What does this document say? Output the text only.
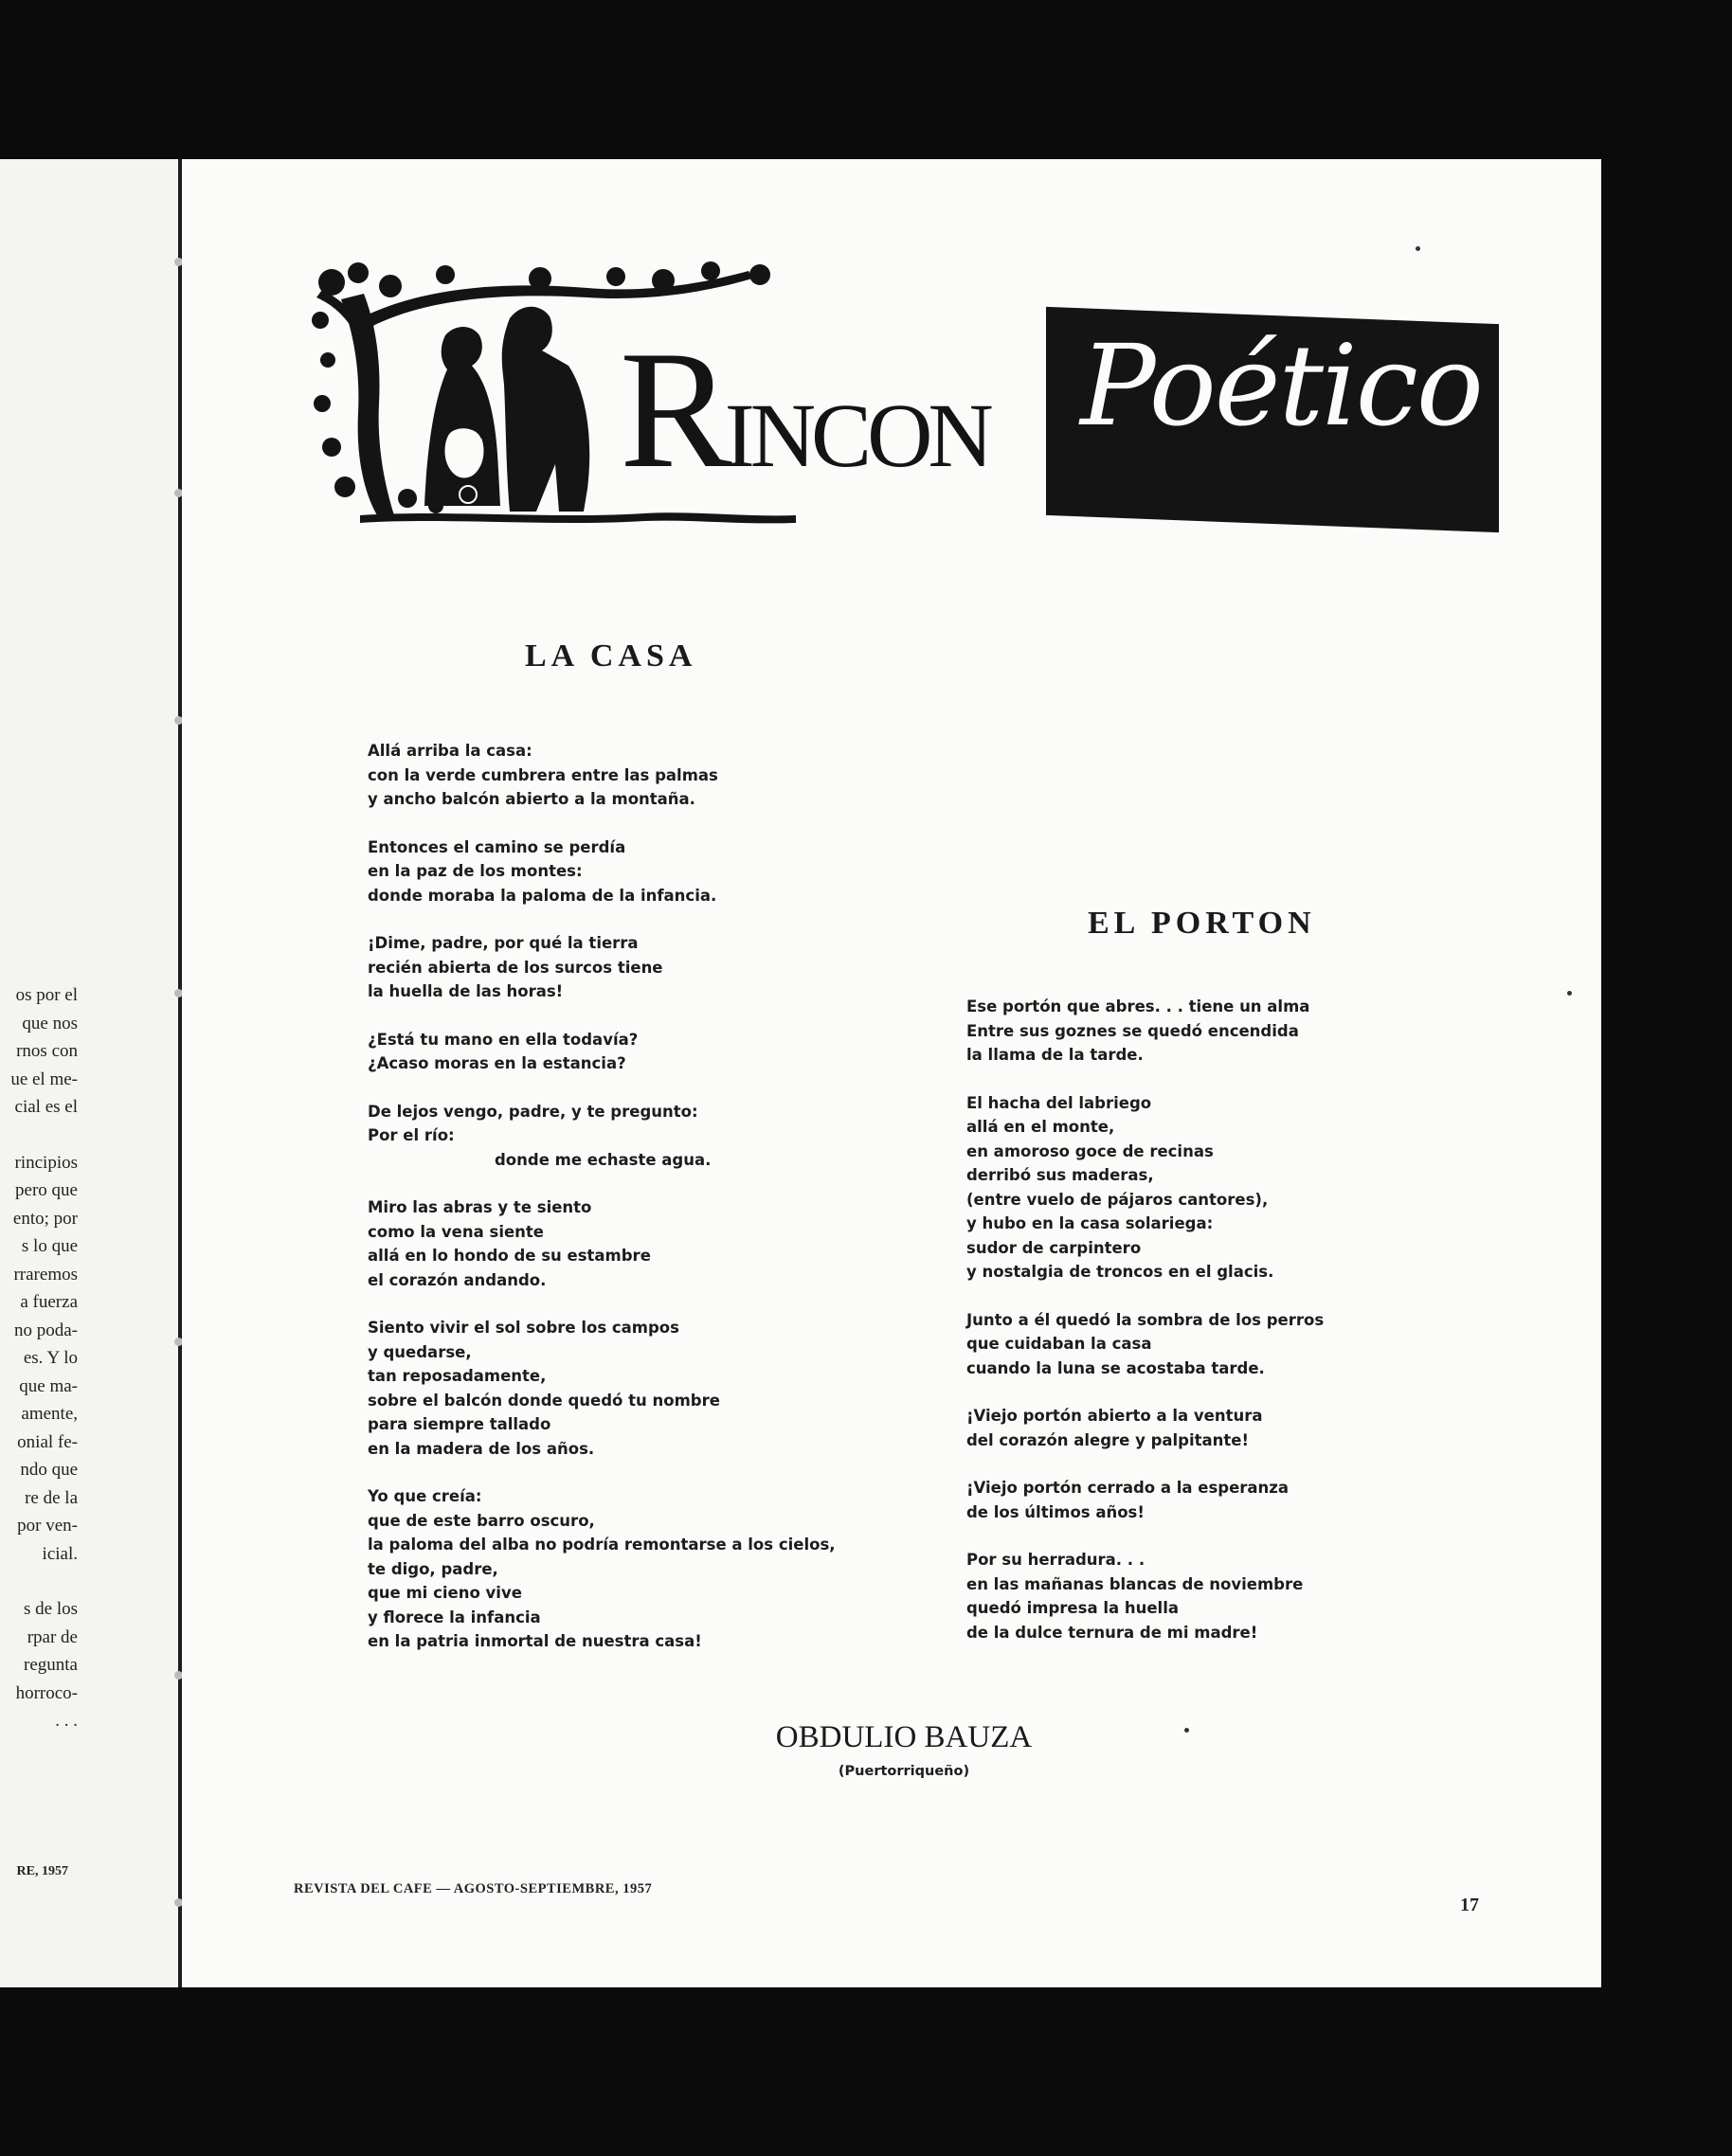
os por el
que nos
rnos con
ue el me-
cial es el
rincipios
pero que
ento; por
s lo que
rraremos
a fuerza
no poda-
es. Y lo
que ma-
amente,
onial fe-
ndo que
re de la
por ven-
icial.
s de los
rpar de
regunta
horroco-
. . .
RE, 1957
RINCON Poético
LA CASA
Allá arriba la casa:
con la verde cumbrera entre las palmas
y ancho balcón abierto a la montaña.
Entonces el camino se perdía
en la paz de los montes:
donde moraba la paloma de la infancia.
¡Dime, padre, por qué la tierra
recién abierta de los surcos tiene
la huella de las horas!
¿Está tu mano en ella todavía?
¿Acaso moras en la estancia?
De lejos vengo, padre, y te pregunto:
Por el río:
donde me echaste agua.
Miro las abras y te siento
como la vena siente
allá en lo hondo de su estambre
el corazón andando.
Siento vivir el sol sobre los campos
y quedarse,
tan reposadamente,
sobre el balcón donde quedó tu nombre
para siempre tallado
en la madera de los años.
Yo que creía:
que de este barro oscuro,
la paloma del alba no podría remontarse a los cielos,
te digo, padre,
que mi cieno vive
y florece la infancia
en la patria inmortal de nuestra casa!
EL PORTON
Ese portón que abres. . . tiene un alma
Entre sus goznes se quedó encendida
la llama de la tarde.
El hacha del labriego
allá en el monte,
en amoroso goce de recinas
derribó sus maderas,
(entre vuelo de pájaros cantores),
y hubo en la casa solariega:
sudor de carpintero
y nostalgia de troncos en el glacis.
Junto a él quedó la sombra de los perros
que cuidaban la casa
cuando la luna se acostaba tarde.
¡Viejo portón abierto a la ventura
del corazón alegre y palpitante!
¡Viejo portón cerrado a la esperanza
de los últimos años!
Por su herradura. . .
en las mañanas blancas de noviembre
quedó impresa la huella
de la dulce ternura de mi madre!
OBDULIO BAUZA
(Puertorriqueño)
REVISTA DEL CAFE — AGOSTO-SEPTIEMBRE, 1957
17
